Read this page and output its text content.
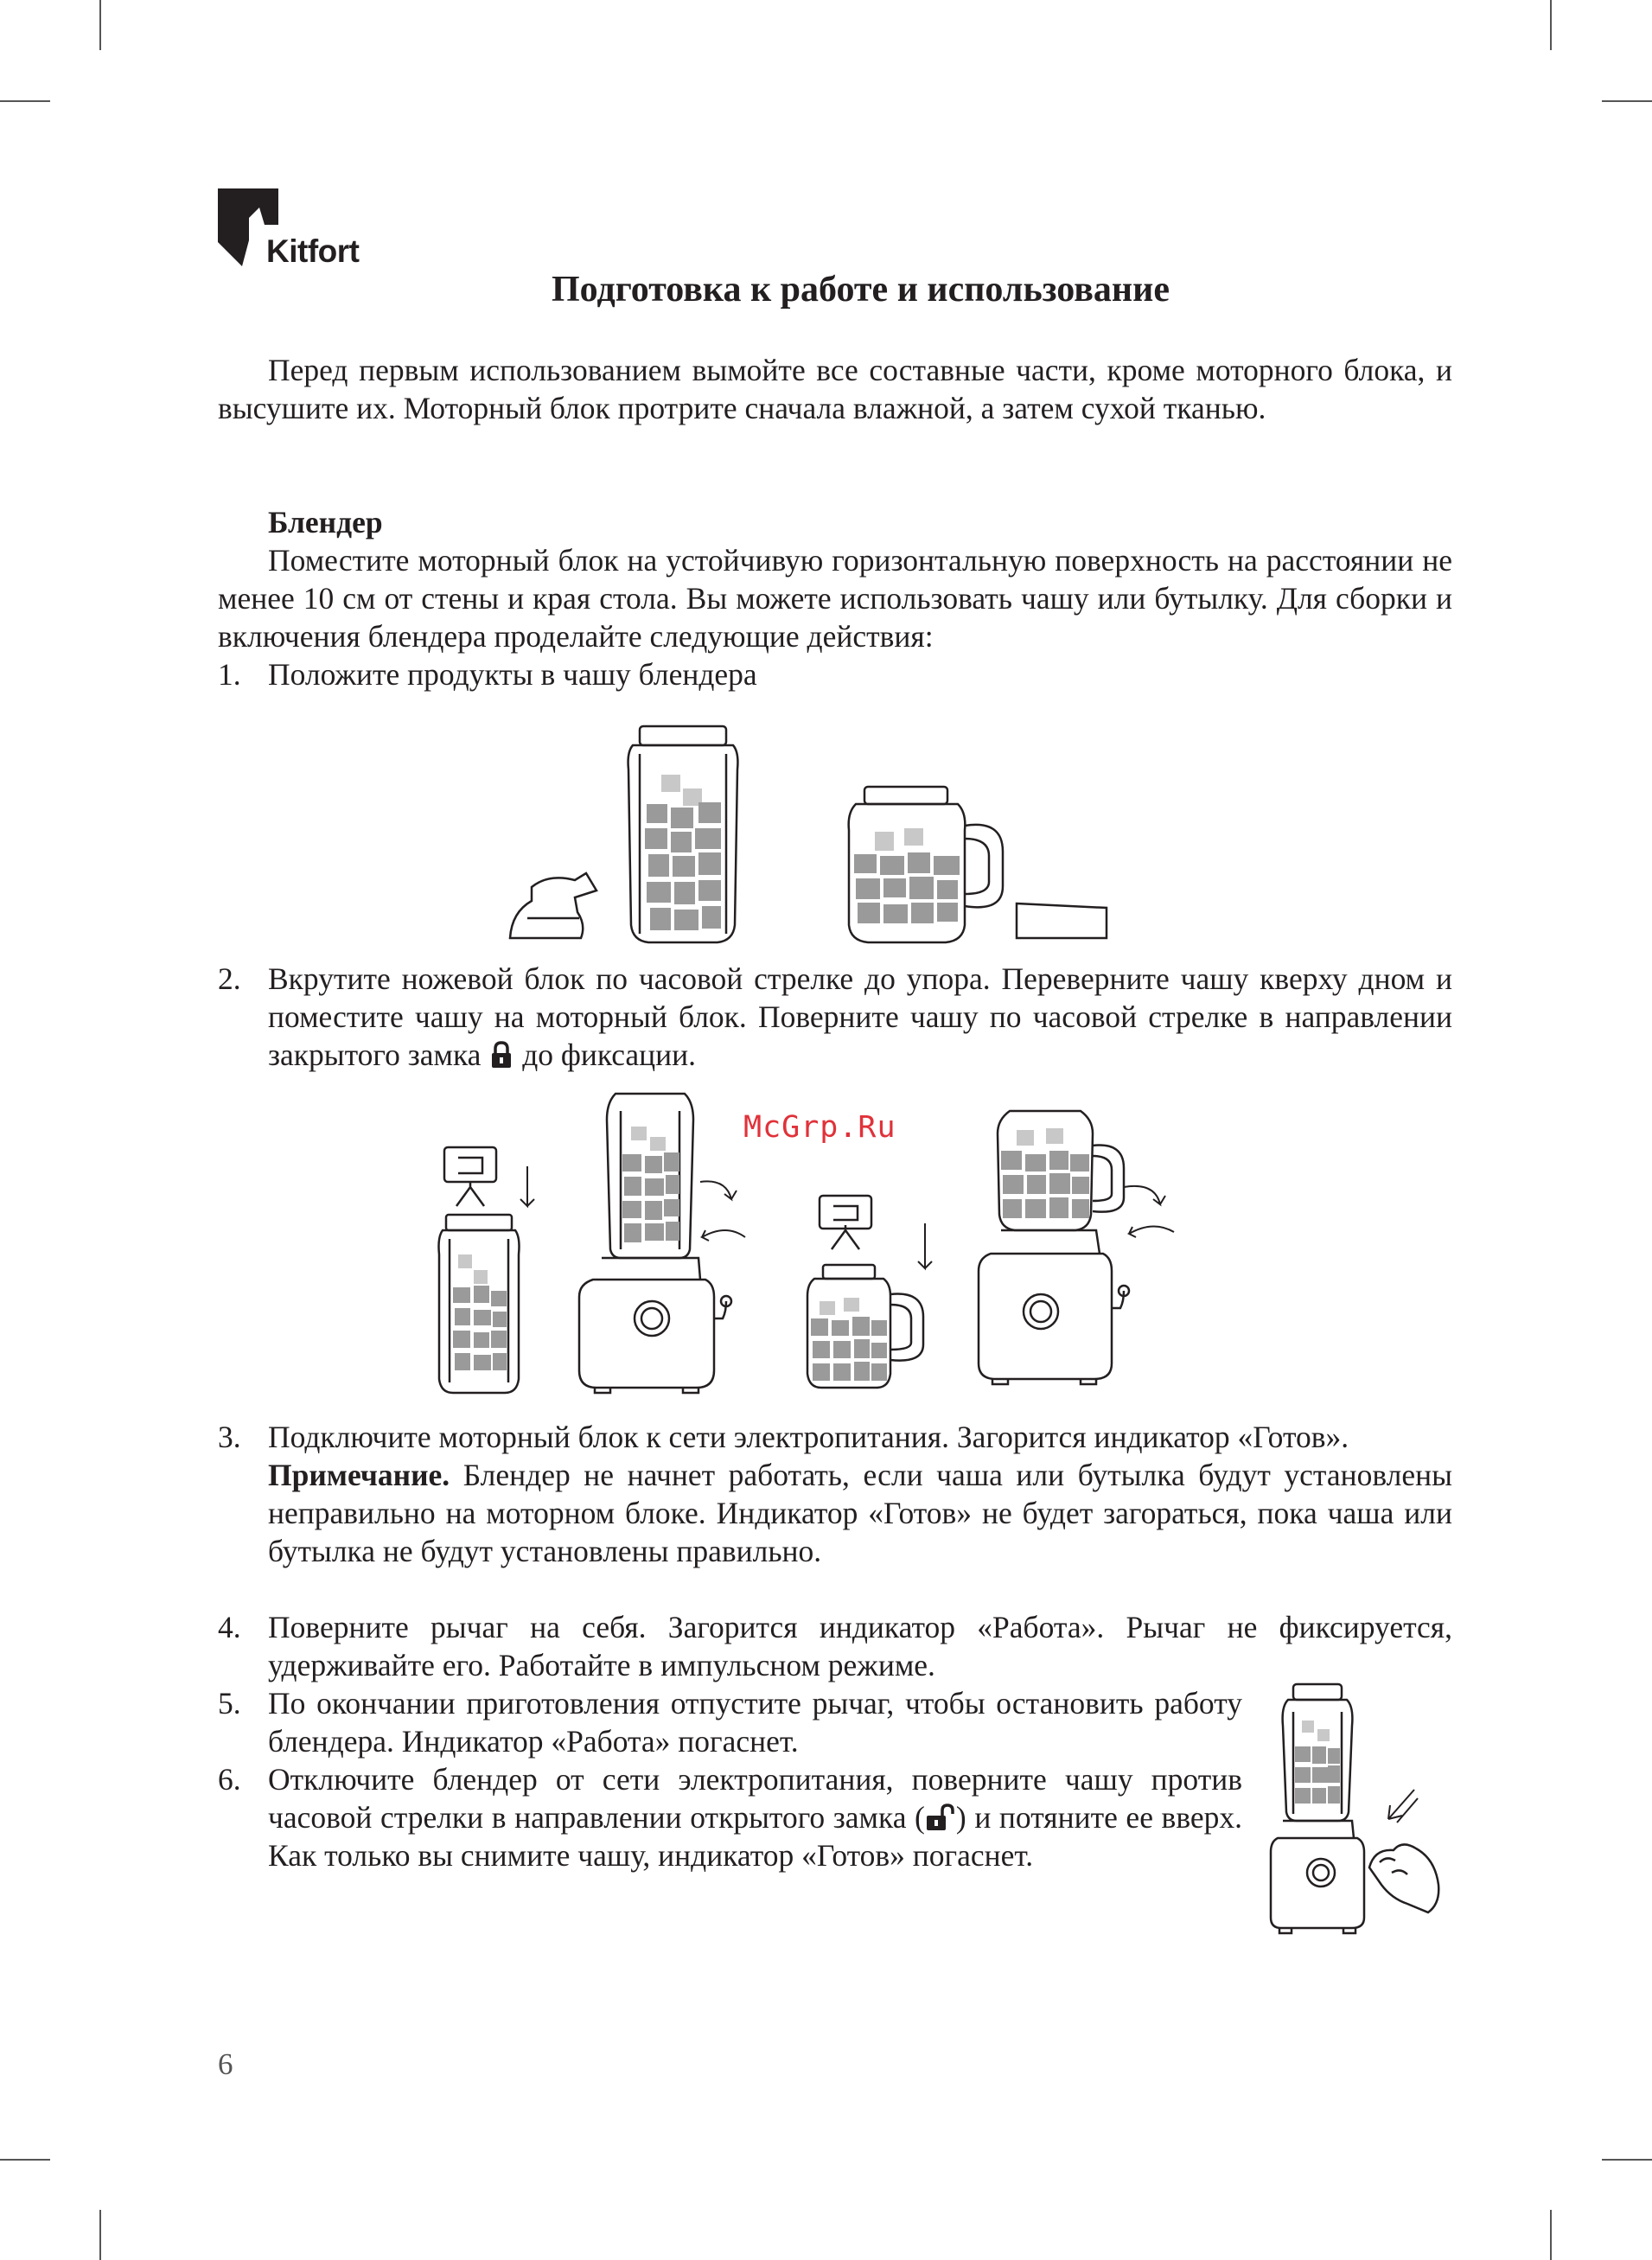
Kitfort
Подготовка к работе и использование
Перед первым использованием вымойте все составные части, кроме моторного блока, и высушите их. Моторный блок протрите сначала влажной, а затем сухой тканью.
Блендер
Поместите моторный блок на устойчивую горизонтальную поверхность на расстоянии не менее 10 см от стены и края стола. Вы можете использовать чашу или бутылку. Для сборки и включения блендера проделайте следующие действия:
1. Положите продукты в чашу блендера
2. Вкрутите ножевой блок по часовой стрелке до упора. Переверните чашу кверху дном и поместите чашу на моторный блок. Поверните чашу по часовой стрелке в направлении закрытого замка до фиксации.
McGrp.Ru
3. Подключите моторный блок к сети электропитания. Загорится индикатор «Готов».
Примечание. Блендер не начнет работать, если чаша или бутылка будут установлены неправильно на моторном блоке. Индикатор «Готов» не будет загораться, пока чаша или бутылка не будут установлены правильно.
4. Поверните рычаг на себя. Загорится индикатор «Работа». Рычаг не фиксируется, удерживайте его. Работайте в импульсном режиме.
5. По окончании приготовления отпустите рычаг, чтобы остановить работу блендера. Индикатор «Работа» погаснет.
6. Отключите блендер от сети электропитания, поверните чашу против часовой стрелки в направлении открытого замка ( ) и потяните ее вверх. Как только вы снимите чашу, индикатор «Готов» погаснет.
6
